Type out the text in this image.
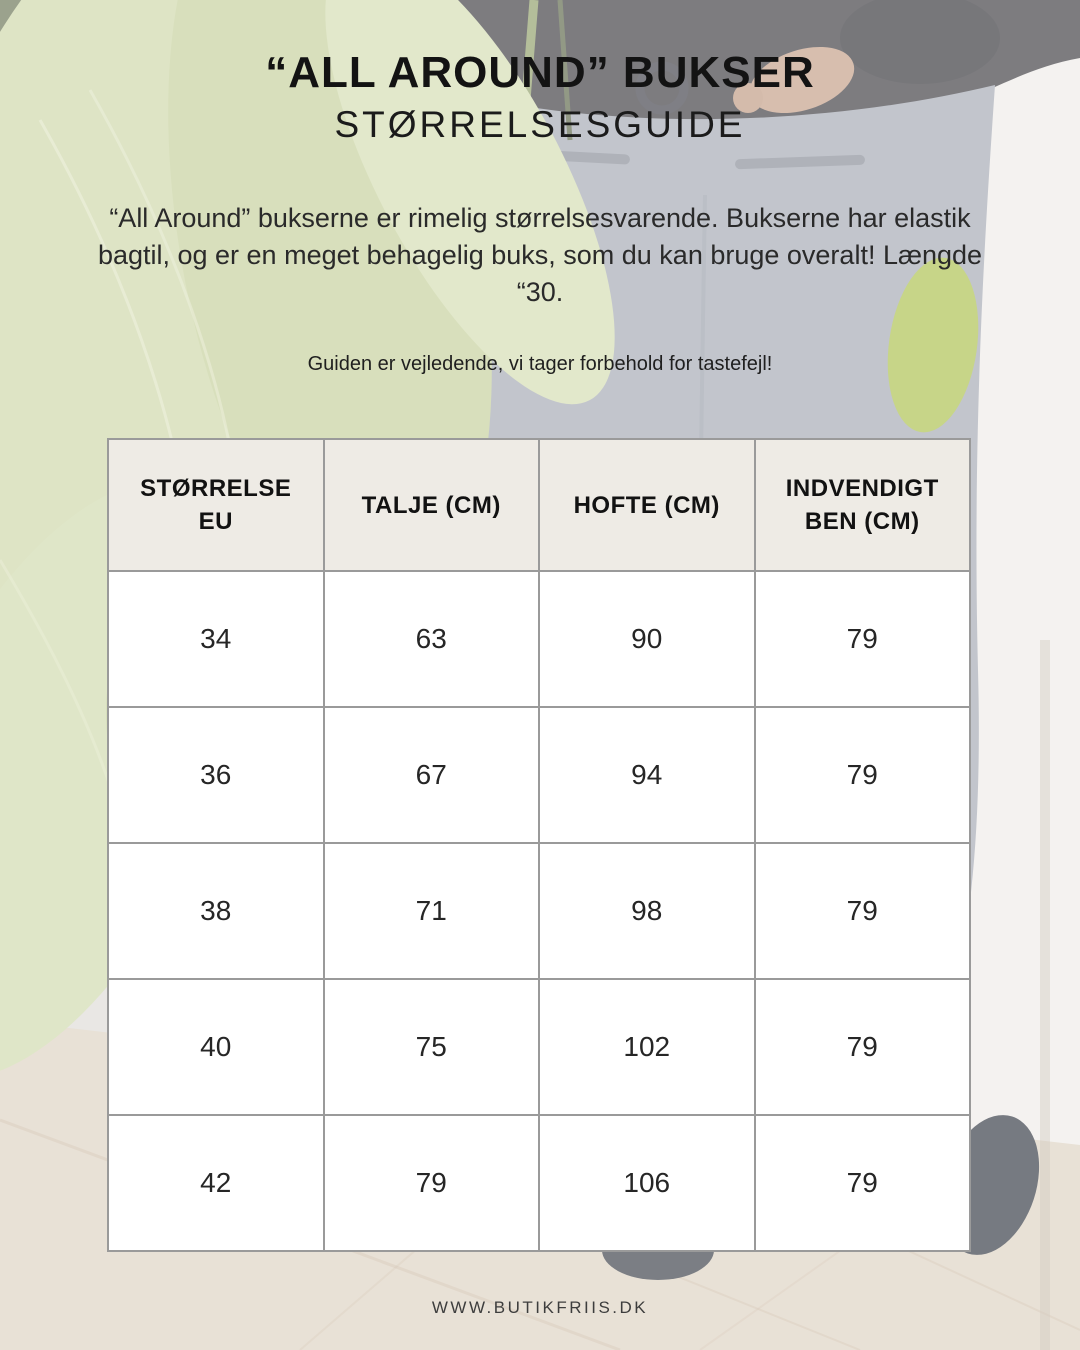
“ALL AROUND” BUKSER
STØRRELSESGUIDE

“All Around” bukserne er rimelig størrelsesvarende. Bukserne har elastik bagtil, og er en meget behagelig buks, som du kan bruge overalt! Længde “30.

Guiden er vejledende, vi tager forbehold for tastefejl!

STØRRELSE EU	TALJE (CM)	HOFTE (CM)	INDVENDIGT BEN (CM)
34	63	90	79
36	67	94	79
38	71	98	79
40	75	102	79
42	79	106	79
WWW.BUTIKFRIIS.DK
